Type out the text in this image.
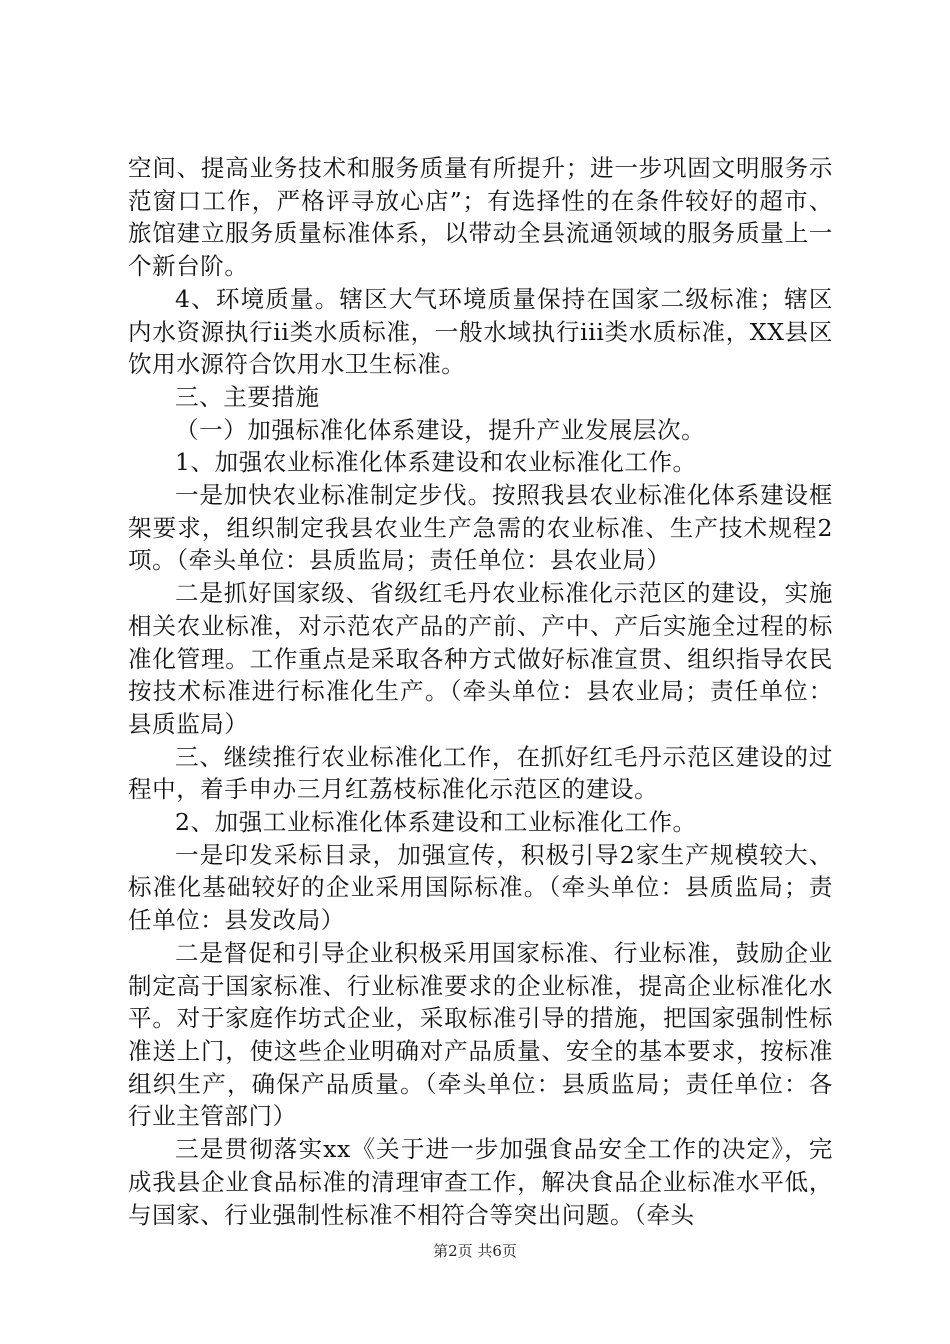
空间、提高业务技术和服务质量有所提升；进一步巩固文明服务示范窗口工作，严格评寻放心店”；有选择性的在条件较好的超市、旅馆建立服务质量标准体系，以带动全县流通领域的服务质量上一个新台阶。

4、环境质量。辖区大气环境质量保持在国家二级标准；辖区内水资源执行ii类水质标准，一般水域执行iii类水质标准，XX县区饮用水源符合饮用水卫生标准。

三、主要措施

（一）加强标准化体系建设，提升产业发展层次。

1、加强农业标准化体系建设和农业标准化工作。

一是加快农业标准制定步伐。按照我县农业标准化体系建设框架要求，组织制定我县农业生产急需的农业标准、生产技术规程2项。（牵头单位：县质监局；责任单位：县农业局）

二是抓好国家级、省级红毛丹农业标准化示范区的建设，实施相关农业标准，对示范农产品的产前、产中、产后实施全过程的标准化管理。工作重点是采取各种方式做好标准宣贯、组织指导农民按技术标准进行标准化生产。（牵头单位：县农业局；责任单位：县质监局）

三、继续推行农业标准化工作，在抓好红毛丹示范区建设的过程中，着手申办三月红荔枝标准化示范区的建设。

2、加强工业标准化体系建设和工业标准化工作。

一是印发采标目录，加强宣传，积极引导2家生产规模较大、标准化基础较好的企业采用国际标准。（牵头单位：县质监局；责任单位：县发改局）

二是督促和引导企业积极采用国家标准、行业标准，鼓励企业制定高于国家标准、行业标准要求的企业标准，提高企业标准化水平。对于家庭作坊式企业，采取标准引导的措施，把国家强制性标准送上门，使这些企业明确对产品质量、安全的基本要求，按标准组织生产，确保产品质量。（牵头单位：县质监局；责任单位：各行业主管部门）

三是贯彻落实xx《关于进一步加强食品安全工作的决定》，完成我县企业食品标准的清理审查工作，解决食品企业标准水平低，与国家、行业强制性标准不相符合等突出问题。（牵头

第2页 共6页
